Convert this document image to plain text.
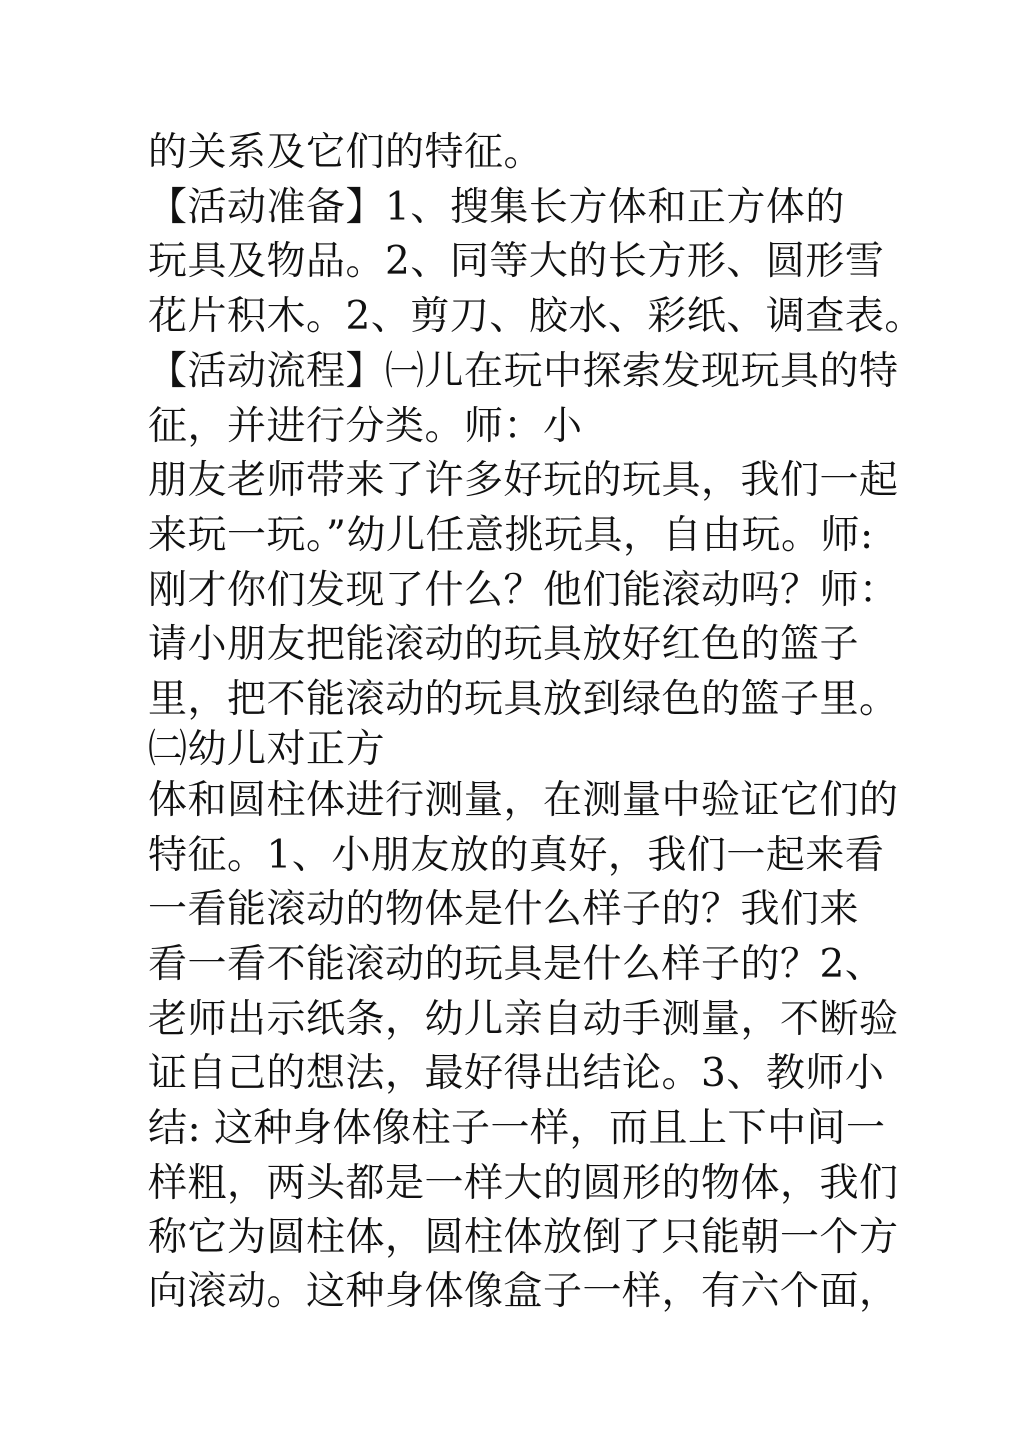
的关系及它们的特征。
【活动准备】1、搜集长方体和正方体的
玩具及物品。2、同等大的长方形、圆形雪
花片积木。2、剪刀、胶水、彩纸、调查表。
【活动流程】㈠儿在玩中探索发现玩具的特
征，并进行分类。师：小
朋友老师带来了许多好玩的玩具，我们一起
来玩一玩。”幼儿任意挑玩具，自由玩。师:
刚才你们发现了什么？他们能滚动吗？师：
请小朋友把能滚动的玩具放好红色的篮子
里，把不能滚动的玩具放到绿色的篮子里。
㈡幼儿对正方
体和圆柱体进行测量，在测量中验证它们的
特征。1、小朋友放的真好，我们一起来看
一看能滚动的物体是什么样子的？我们来
看一看不能滚动的玩具是什么样子的？2、
老师出示纸条，幼儿亲自动手测量，不断验
证自己的想法，最好得出结论。3、教师小
结: 这种身体像柱子一样，而且上下中间一
样粗，两头都是一样大的圆形的物体，我们
称它为圆柱体，圆柱体放倒了只能朝一个方
向滚动。这种身体像盒子一样，有六个面，
